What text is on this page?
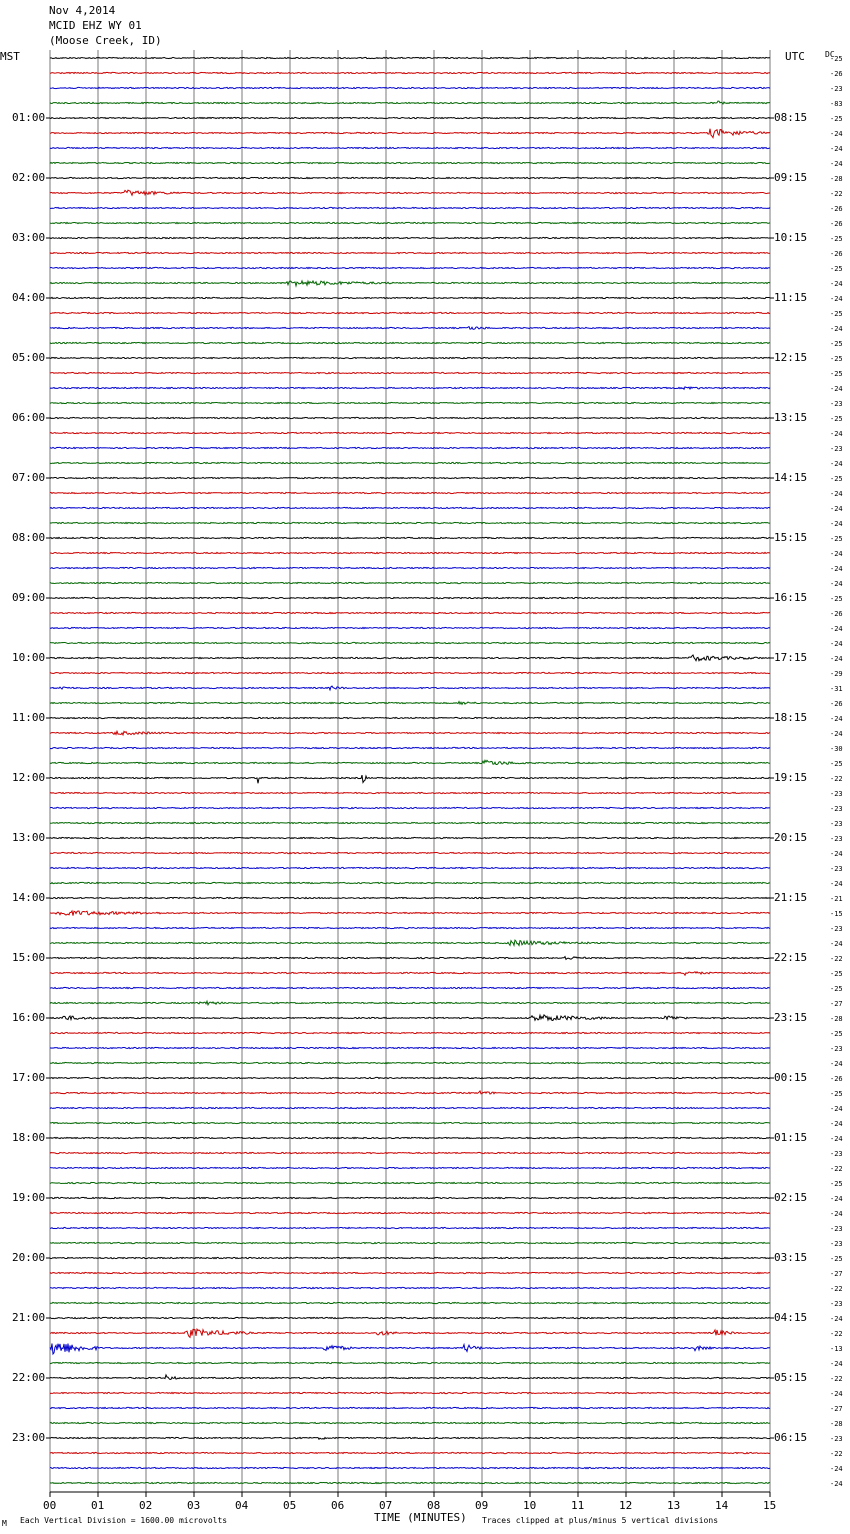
Nov 4,2014
MCID EHZ WY 01
(Moose Creek, ID)
MST	UTC	DC
-25
-26
-23
-83
-25
-24
-24
-24
-28
-22
-26
-26
-25
-26
-25
-24
-24
-25
-24
-25
-25
-25
-24
-23
-25
-24
-23
-24
-25
-24
-24
-24
-25
-24
-24
-24
-25
-26
-24
-24
-24
-29
-31
-26
-24
-24
-30
-25
-22
-23
-23
-23
-23
-24
-23
-24
-21
-15
-23
-24
-22
-25
-25
-27
-28
-25
-23
-24
-26
-25
-24
-24
-24
-23
-22
-25
-24
-24
-23
-23
-25
-27
-22
-23
-24
-22
-13
-24
-22
-24
-27
-28
-23
-22
-24
-24
01:00
02:00
03:00
04:00
05:00
06:00
07:00
08:00
09:00
10:00
11:00
12:00
13:00
14:00
15:00
16:00
17:00
18:00
19:00
20:00
21:00
22:00
23:00
08:15
09:15
10:15
11:15
12:15
13:15
14:15
15:15
16:15
17:15
18:15
19:15
20:15
21:15
22:15
23:15
00:15
01:15
02:15
03:15
04:15
05:15
06:15
00	01	02	03	04	05	06	07	08	09	10	11	12	13	14	15
M Each Vertical Division = 1600.00 microvolts	TIME (MINUTES) Traces clipped at plus/minus 5 vertical divisions
